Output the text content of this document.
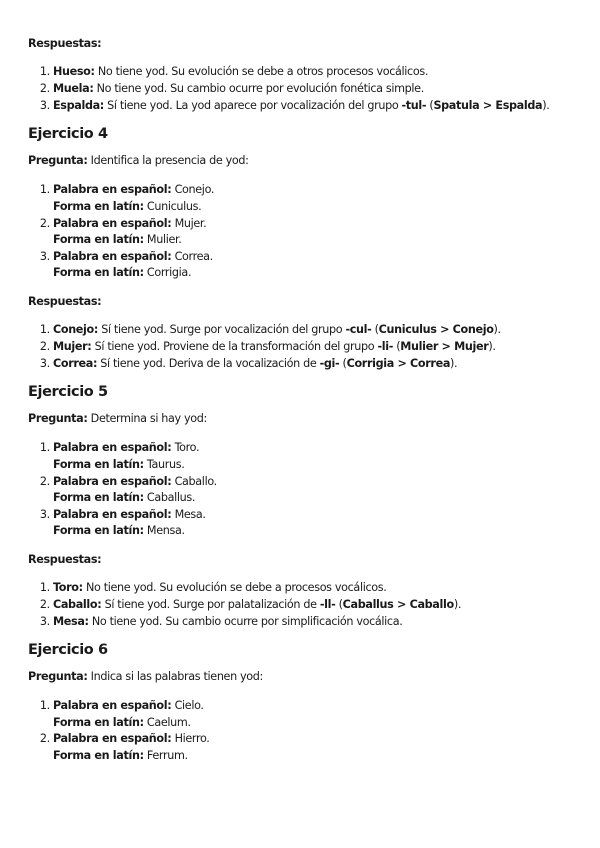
Respuestas:

1. Hueso: No tiene yod. Su evolución se debe a otros procesos vocálicos.
2. Muela: No tiene yod. Su cambio ocurre por evolución fonética simple.
3. Espalda: Sí tiene yod. La yod aparece por vocalización del grupo -tul- (Spatula > Espalda).
Ejercicio 4

Pregunta: Identifica la presencia de yod:

1. Palabra en español: Conejo.
Forma en latín: Cuniculus.
2. Palabra en español: Mujer.
Forma en latín: Mulier.
3. Palabra en español: Correa.
Forma en latín: Corrigia.

Respuestas:

1. Conejo: Sí tiene yod. Surge por vocalización del grupo -cul- (Cuniculus > Conejo).
2. Mujer: Sí tiene yod. Proviene de la transformación del grupo -li- (Mulier > Mujer).
3. Correa: Sí tiene yod. Deriva de la vocalización de -gi- (Corrigia > Correa).
Ejercicio 5

Pregunta: Determina si hay yod:

1. Palabra en español: Toro.
Forma en latín: Taurus.
2. Palabra en español: Caballo.
Forma en latín: Caballus.
3. Palabra en español: Mesa.
Forma en latín: Mensa.

Respuestas:

1. Toro: No tiene yod. Su evolución se debe a procesos vocálicos.
2. Caballo: Sí tiene yod. Surge por palatalización de -ll- (Caballus > Caballo).
3. Mesa: No tiene yod. Su cambio ocurre por simplificación vocálica.
Ejercicio 6

Pregunta: Indica si las palabras tienen yod:

1. Palabra en español: Cielo.
Forma en latín: Caelum.
2. Palabra en español: Hierro.
Forma en latín: Ferrum.
